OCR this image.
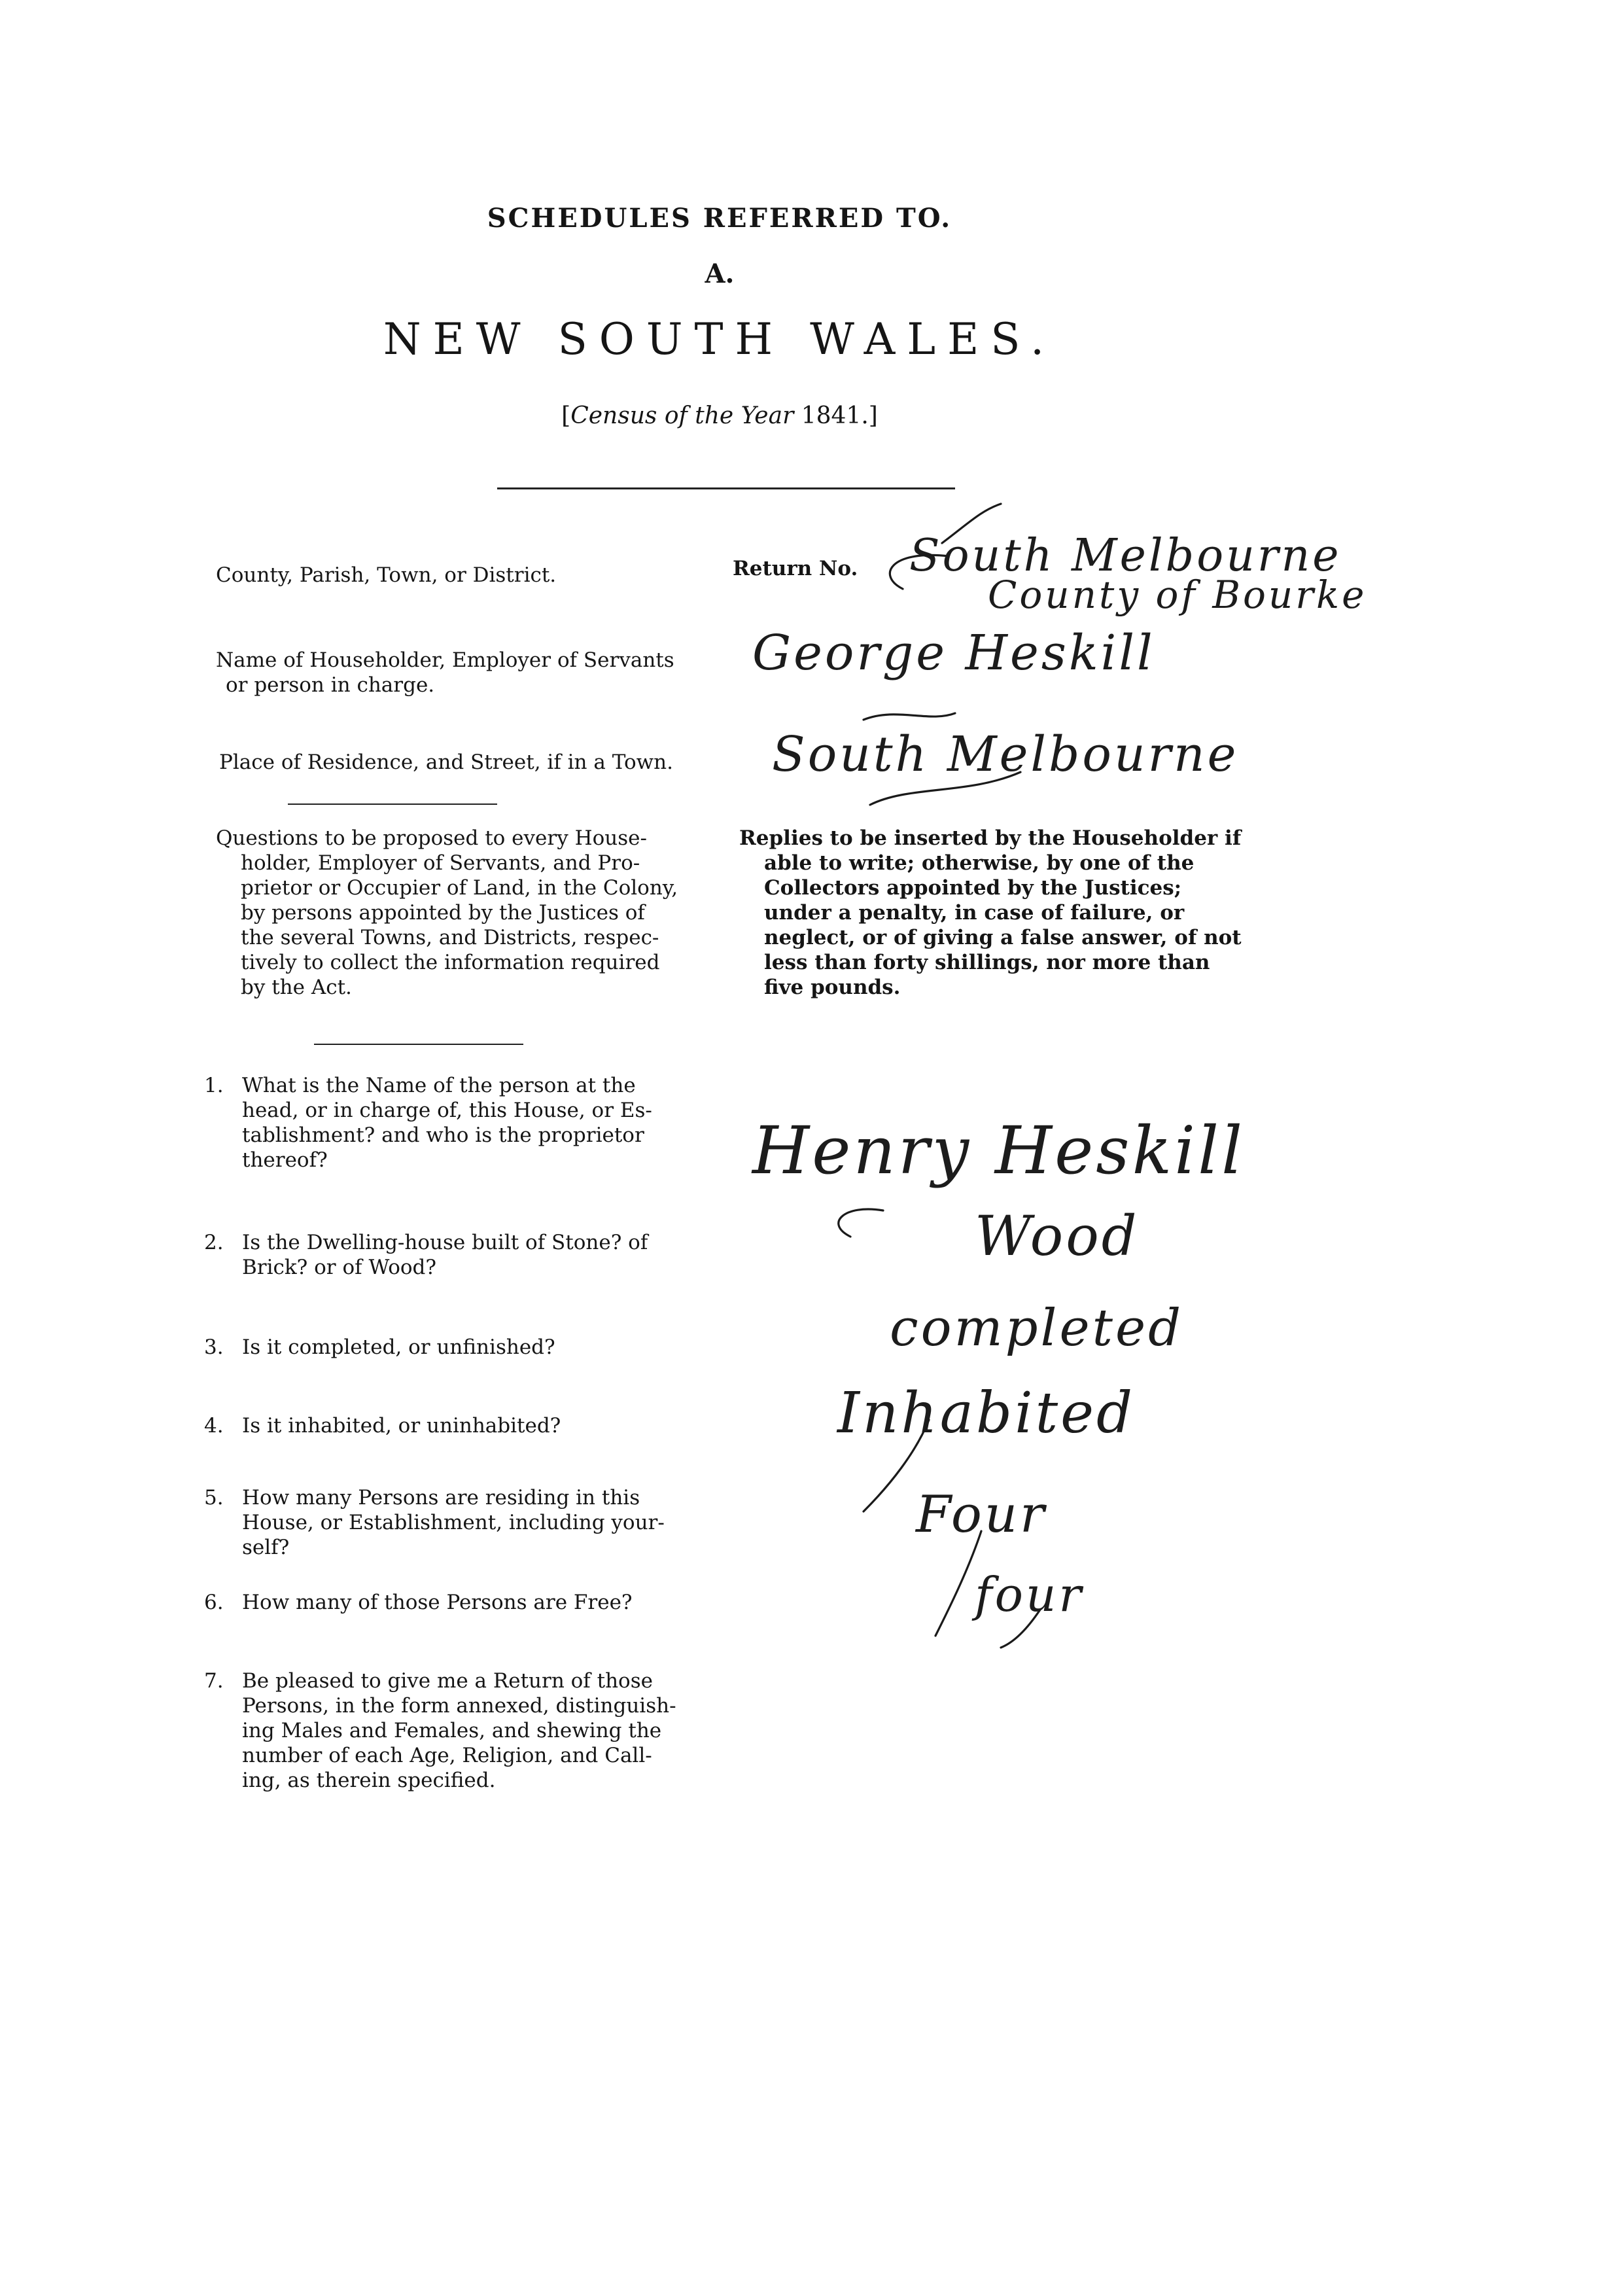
SCHEDULES REFERRED TO.
A.
NEW SOUTH WALES.
[Census of the Year 1841.]
County, Parish, Town, or District.	Return No.
Name of Householder, Employer of Servants
or person in charge.
Place of Residence, and Street, if in a Town.
South Melbourne
County of Bourke
George Heskill
South Melbourne
Questions to be proposed to every House-
holder, Employer of Servants, and Pro-
prietor or Occupier of Land, in the Colony,
by persons appointed by the Justices of
the several Towns, and Districts, respec-
tively to collect the information required
by the Act.
Replies to be inserted by the Householder if
able to write; otherwise, by one of the
Collectors appointed by the Justices;
under a penalty, in case of failure, or
neglect, or of giving a false answer, of not
less than forty shillings, nor more than
five pounds.
1. What is the Name of the person at the
head, or in charge of, this House, or Es-
tablishment? and who is the proprietor
thereof?
2. Is the Dwelling-house built of Stone? of
Brick? or of Wood?
3. Is it completed, or unfinished?
4. Is it inhabited, or uninhabited?
5. How many Persons are residing in this
House, or Establishment, including your-
self?
6. How many of those Persons are Free?
7. Be pleased to give me a Return of those
Persons, in the form annexed, distinguish-
ing Males and Females, and shewing the
number of each Age, Religion, and Call-
ing, as therein specified.
Henry Heskill
Wood
completed
Inhabited
Four
four
